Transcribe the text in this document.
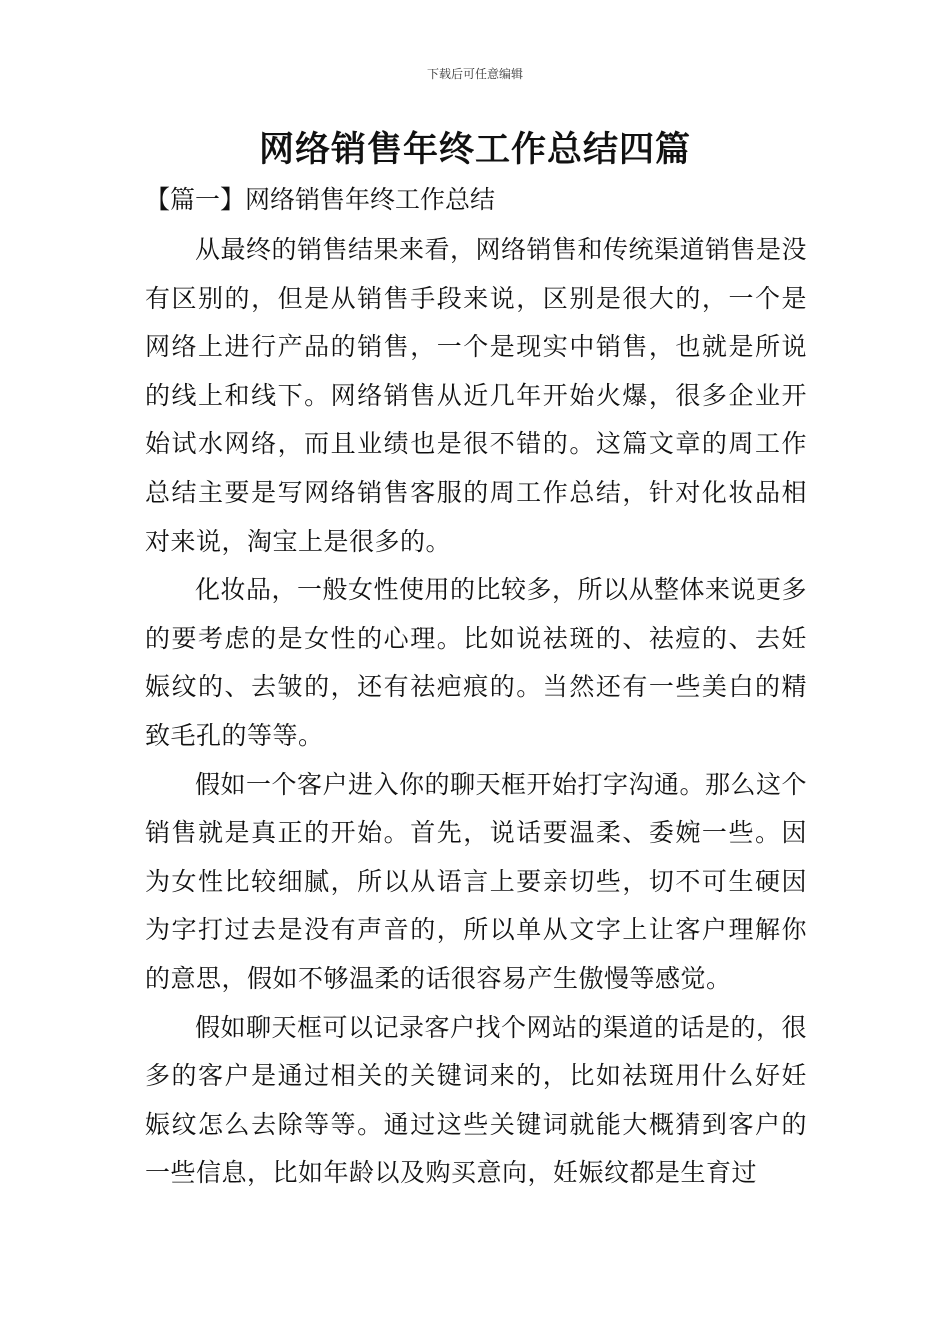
下载后可任意编辑
网络销售年终工作总结四篇
【篇一】网络销售年终工作总结

从最终的销售结果来看，网络销售和传统渠道销售是没有区别的，但是从销售手段来说，区别是很大的，一个是网络上进行产品的销售，一个是现实中销售，也就是所说的线上和线下。网络销售从近几年开始火爆，很多企业开始试水网络，而且业绩也是很不错的。这篇文章的周工作总结主要是写网络销售客服的周工作总结，针对化妆品相对来说，淘宝上是很多的。

化妆品，一般女性使用的比较多，所以从整体来说更多的要考虑的是女性的心理。比如说祛斑的、祛痘的、去妊娠纹的、去皱的，还有祛疤痕的。当然还有一些美白的精致毛孔的等等。

假如一个客户进入你的聊天框开始打字沟通。那么这个销售就是真正的开始。首先，说话要温柔、委婉一些。因为女性比较细腻，所以从语言上要亲切些，切不可生硬因为字打过去是没有声音的，所以单从文字上让客户理解你的意思，假如不够温柔的话很容易产生傲慢等感觉。

假如聊天框可以记录客户找个网站的渠道的话是的，很多的客户是通过相关的关键词来的，比如祛斑用什么好妊娠纹怎么去除等等。通过这些关键词就能大概猜到客户的一些信息，比如年龄以及购买意向，妊娠纹都是生育过
